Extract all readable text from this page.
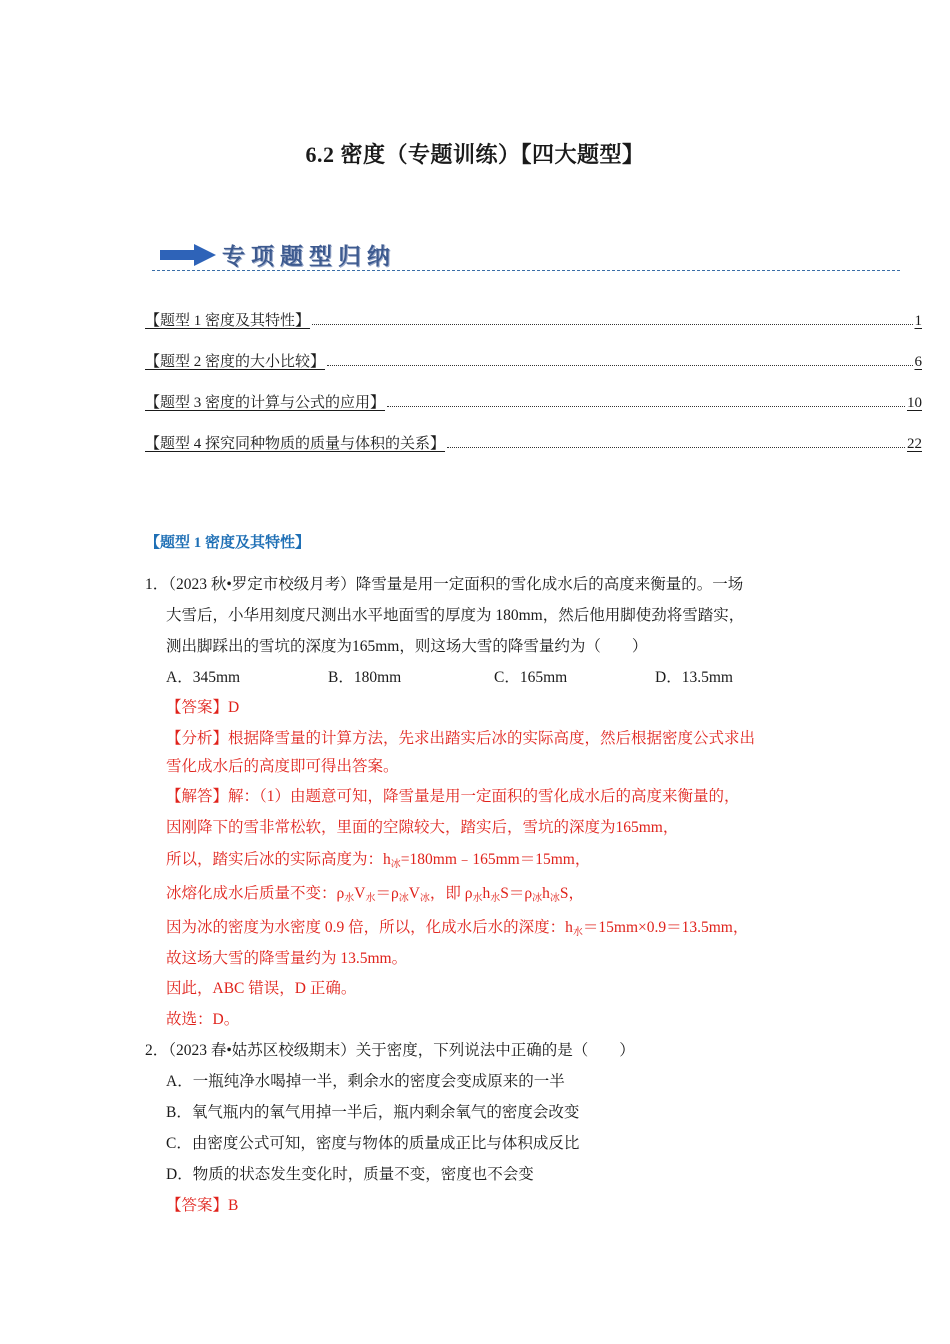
6.2 密度（专题训练）【四大题型】
专项题型归纳
【题型 1 密度及其特性】	1
【题型 2 密度的大小比较】	6
【题型 3 密度的计算与公式的应用】	10
【题型 4 探究同种物质的质量与体积的关系】	22
【题型 1 密度及其特性】
1．（2023 秋•罗定市校级月考）降雪量是用一定面积的雪化成水后的高度来衡量的。一场
大雪后，小华用刻度尺测出水平地面雪的厚度为 180mm，然后他用脚使劲将雪踏实，
测出脚踩出的雪坑的深度为165mm，则这场大雪的降雪量约为（　　）
A．345mm	B．180mm	C．165mm	D．13.5mm
【答案】D
【分析】根据降雪量的计算方法，先求出踏实后冰的实际高度，然后根据密度公式求出
雪化成水后的高度即可得出答案。
【解答】解：（1）由题意可知，降雪量是用一定面积的雪化成水后的高度来衡量的，
因刚降下的雪非常松软，里面的空隙较大，踏实后，雪坑的深度为165mm，
所以，踏实后冰的实际高度为：h冰=180mm﹣165mm＝15mm，
冰熔化成水后质量不变：ρ水V水＝ρ冰V冰，即 ρ水h水S＝ρ冰h冰S，
因为冰的密度为水密度 0.9 倍，所以，化成水后水的深度：h水＝15mm×0.9＝13.5mm，
故这场大雪的降雪量约为 13.5mm。
因此，ABC 错误，D 正确。
故选：D。
2．（2023 春•姑苏区校级期末）关于密度，下列说法中正确的是（　　）
A．一瓶纯净水喝掉一半，剩余水的密度会变成原来的一半
B．氧气瓶内的氧气用掉一半后，瓶内剩余氧气的密度会改变
C．由密度公式可知，密度与物体的质量成正比与体积成反比
D．物质的状态发生变化时，质量不变，密度也不会变
【答案】B
